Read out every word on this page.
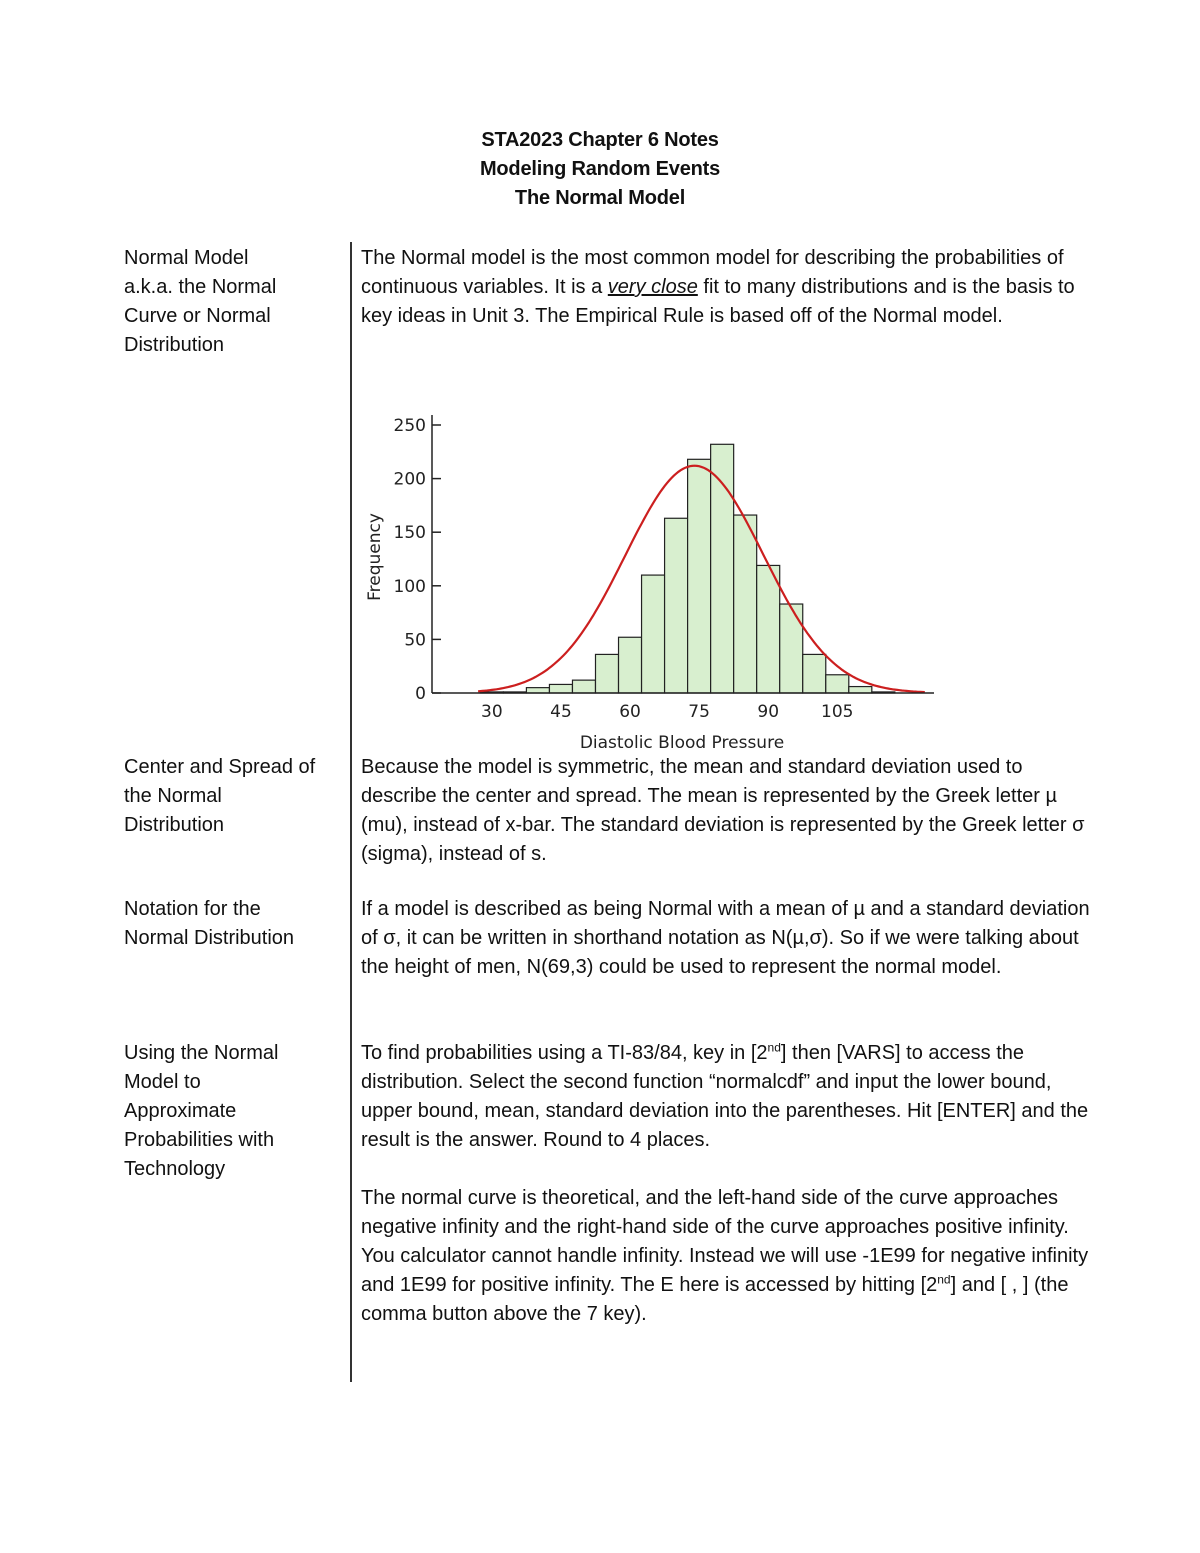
STA2023 Chapter 6 Notes
Modeling Random Events
The Normal Model
Normal Model
a.k.a. the Normal
Curve or Normal
Distribution

The Normal model is the most common model for describing the probabilities of continuous variables. It is a very close fit to many distributions and is the basis to key ideas in Unit 3. The Empirical Rule is based off of the Normal model.

Frequency
Diastolic Blood Pressure
0
50
100
150
200
250
30	45	60	75	90 105
Center and Spread of
the Normal
Distribution

Because the model is symmetric, the mean and standard deviation used to describe the center and spread. The mean is represented by the Greek letter µ (mu), instead of x-bar. The standard deviation is represented by the Greek letter σ (sigma), instead of s.

Notation for the
Normal Distribution

If a model is described as being Normal with a mean of µ and a standard deviation of σ, it can be written in shorthand notation as N(µ,σ). So if we were talking about the height of men, N(69,3) could be used to represent the normal model.

Using the Normal
Model to
Approximate
Probabilities with
Technology

To find probabilities using a TI-83/84, key in [2nd] then [VARS] to access the distribution. Select the second function “normalcdf” and input the lower bound, upper bound, mean, standard deviation into the parentheses. Hit [ENTER] and the result is the answer. Round to 4 places.

The normal curve is theoretical, and the left-hand side of the curve approaches negative infinity and the right-hand side of the curve approaches positive infinity. You calculator cannot handle infinity. Instead we will use -1E99 for negative infinity and 1E99 for positive infinity. The E here is accessed by hitting [2nd] and [ , ] (the comma button above the 7 key).
